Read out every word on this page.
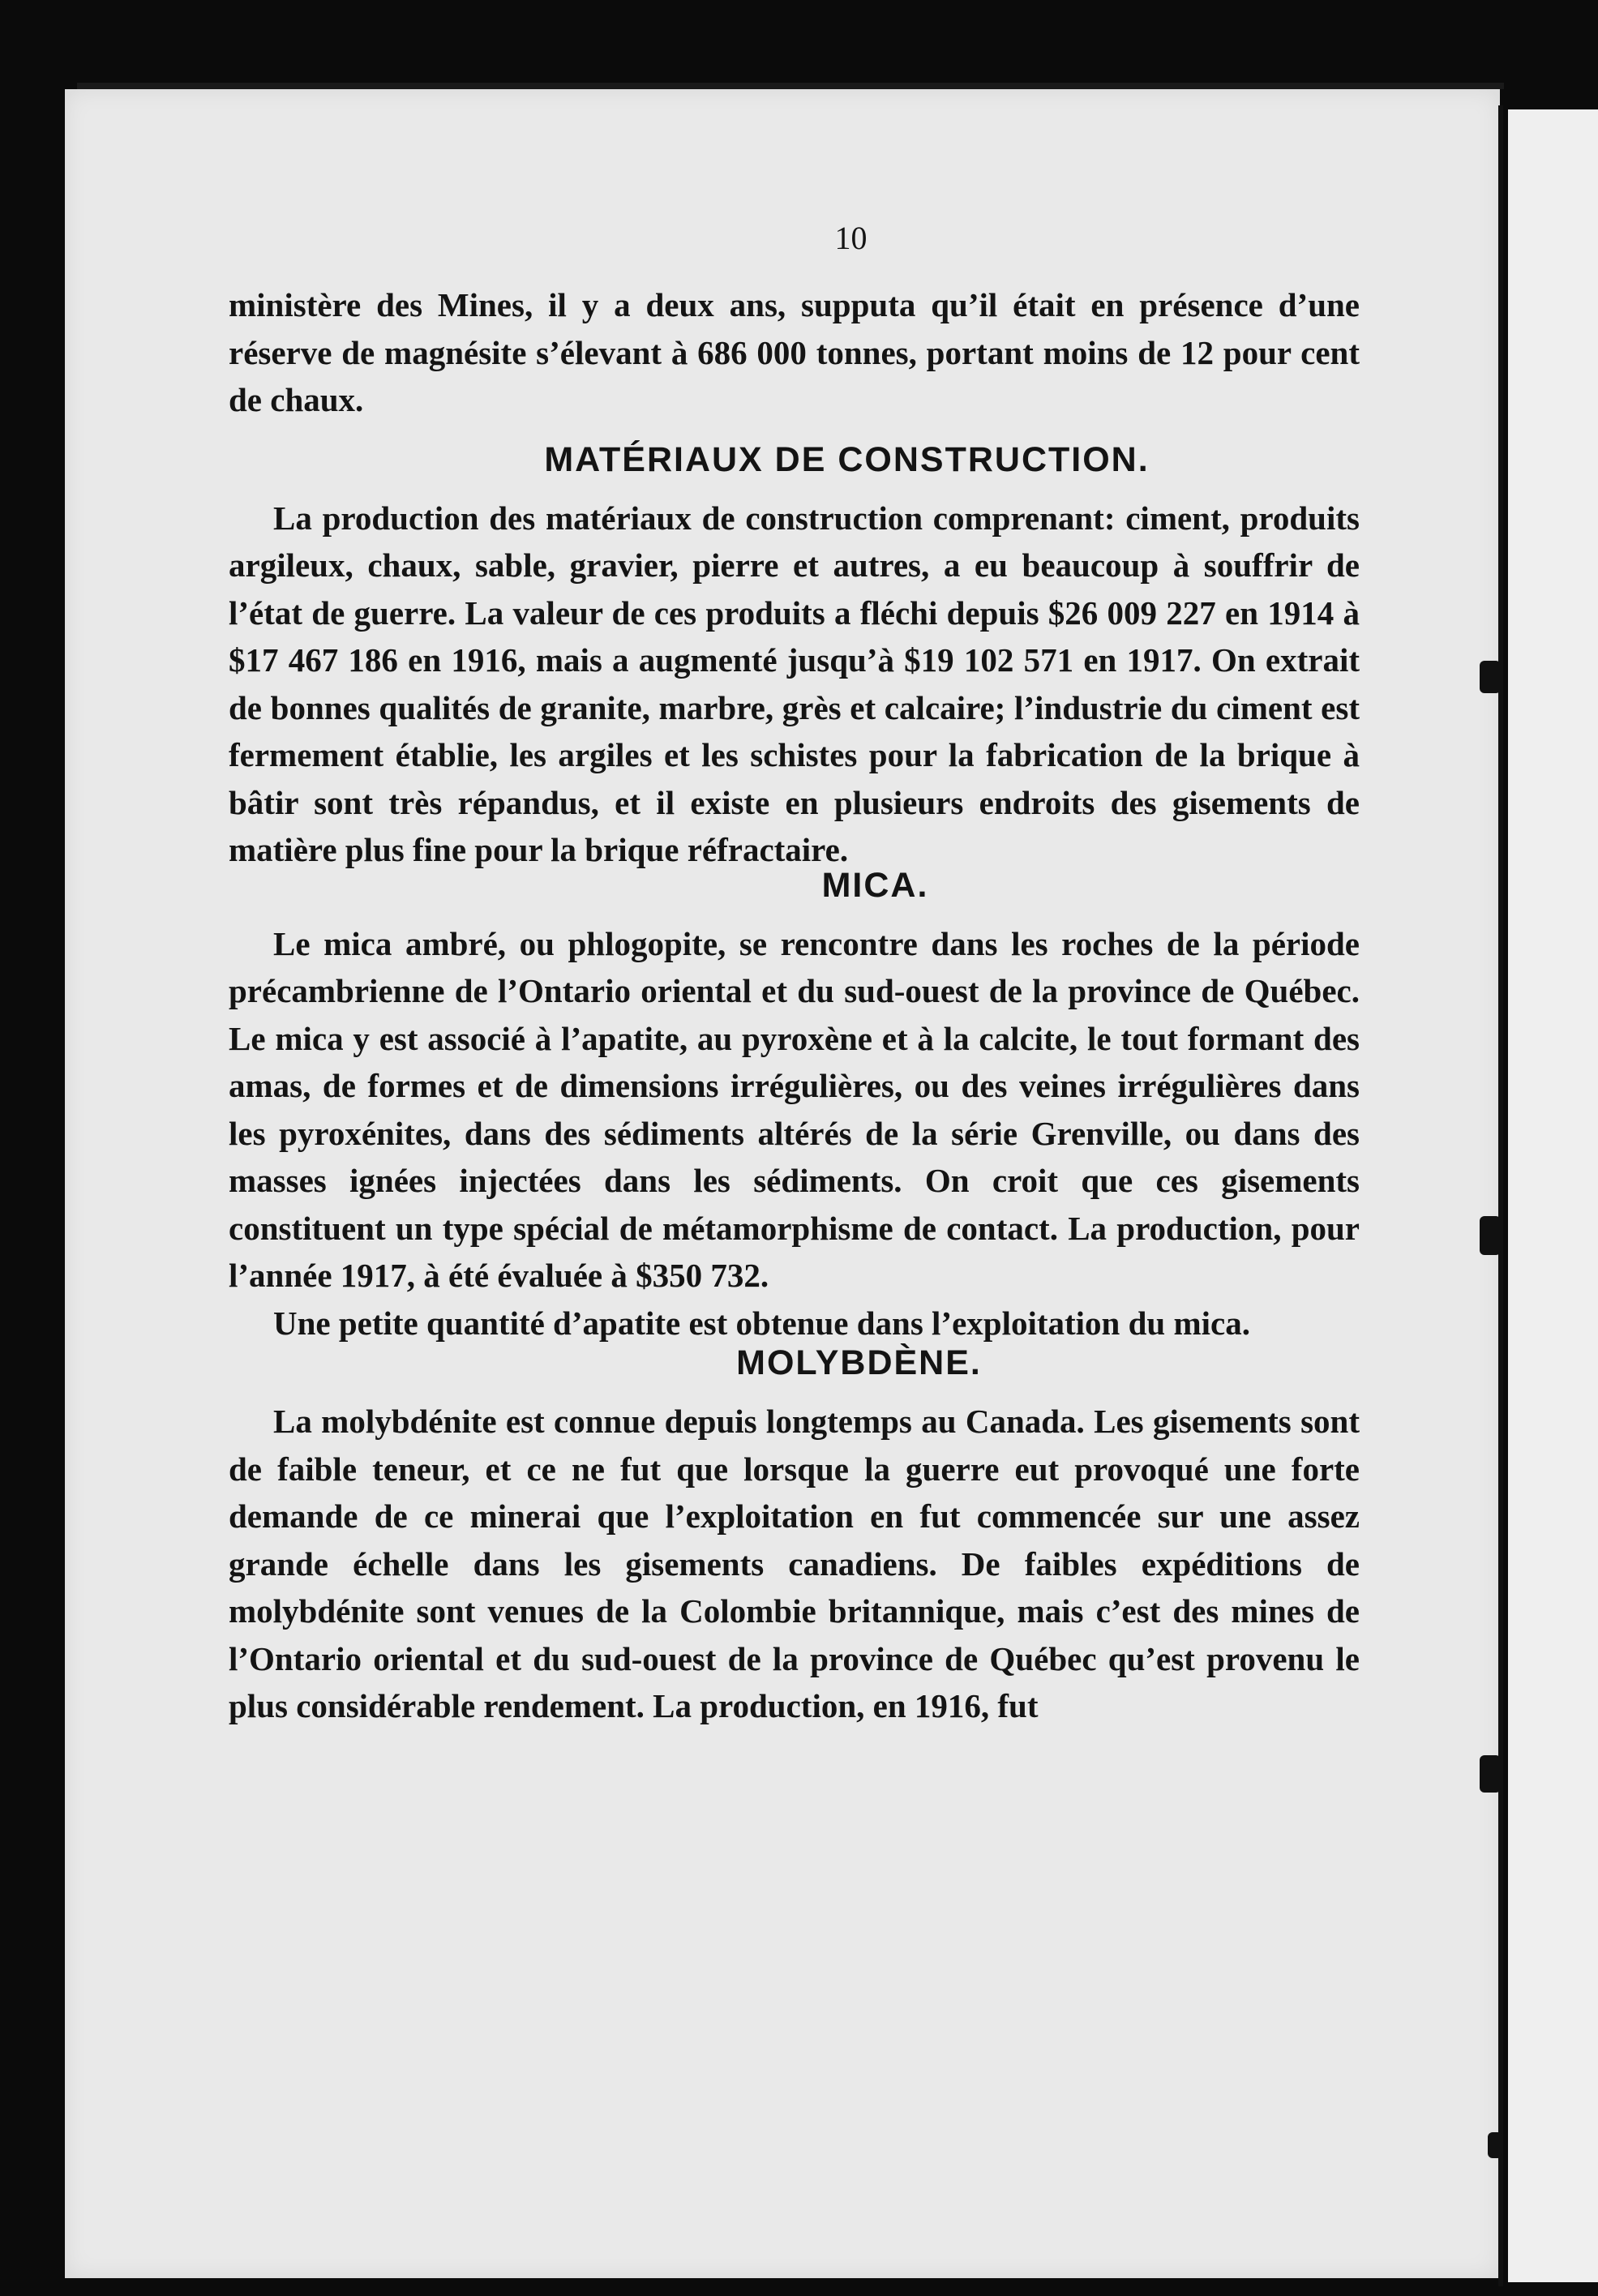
10

ministère des Mines, il y a deux ans, supputa qu’il était en présence d’une réserve de magnésite s’élevant à 686 000 tonnes, portant moins de 12 pour cent de chaux.

MATÉRIAUX DE CONSTRUCTION.

La production des matériaux de construction comprenant: ciment, produits argileux, chaux, sable, gravier, pierre et autres, a eu beaucoup à souffrir de l’état de guerre. La valeur de ces produits a fléchi depuis $26 009 227 en 1914 à $17 467 186 en 1916, mais a augmenté jusqu’à $19 102 571 en 1917. On extrait de bonnes qualités de granite, marbre, grès et calcaire; l’industrie du ciment est fermement établie, les argiles et les schistes pour la fabrication de la brique à bâtir sont très répandus, et il existe en plusieurs endroits des gisements de matière plus fine pour la brique réfractaire.

MICA.

Le mica ambré, ou phlogopite, se rencontre dans les roches de la période précambrienne de l’Ontario oriental et du sud-ouest de la province de Québec. Le mica y est associé à l’apatite, au pyroxène et à la calcite, le tout formant des amas, de formes et de dimensions irrégulières, ou des veines irrégulières dans les pyroxénites, dans des sédiments altérés de la série Grenville, ou dans des masses ignées injectées dans les sédiments. On croit que ces gisements constituent un type spécial de métamorphisme de contact. La production, pour l’année 1917, à été évaluée à $350 732.

Une petite quantité d’apatite est obtenue dans l’exploitation du mica.

MOLYBDÈNE.

La molybdénite est connue depuis longtemps au Canada. Les gisements sont de faible teneur, et ce ne fut que lorsque la guerre eut provoqué une forte demande de ce minerai que l’exploitation en fut commencée sur une assez grande échelle dans les gisements canadiens. De faibles expéditions de molybdénite sont venues de la Colombie britannique, mais c’est des mines de l’Ontario oriental et du sud-ouest de la province de Québec qu’est provenu le plus considérable rendement. La production, en 1916, fut
